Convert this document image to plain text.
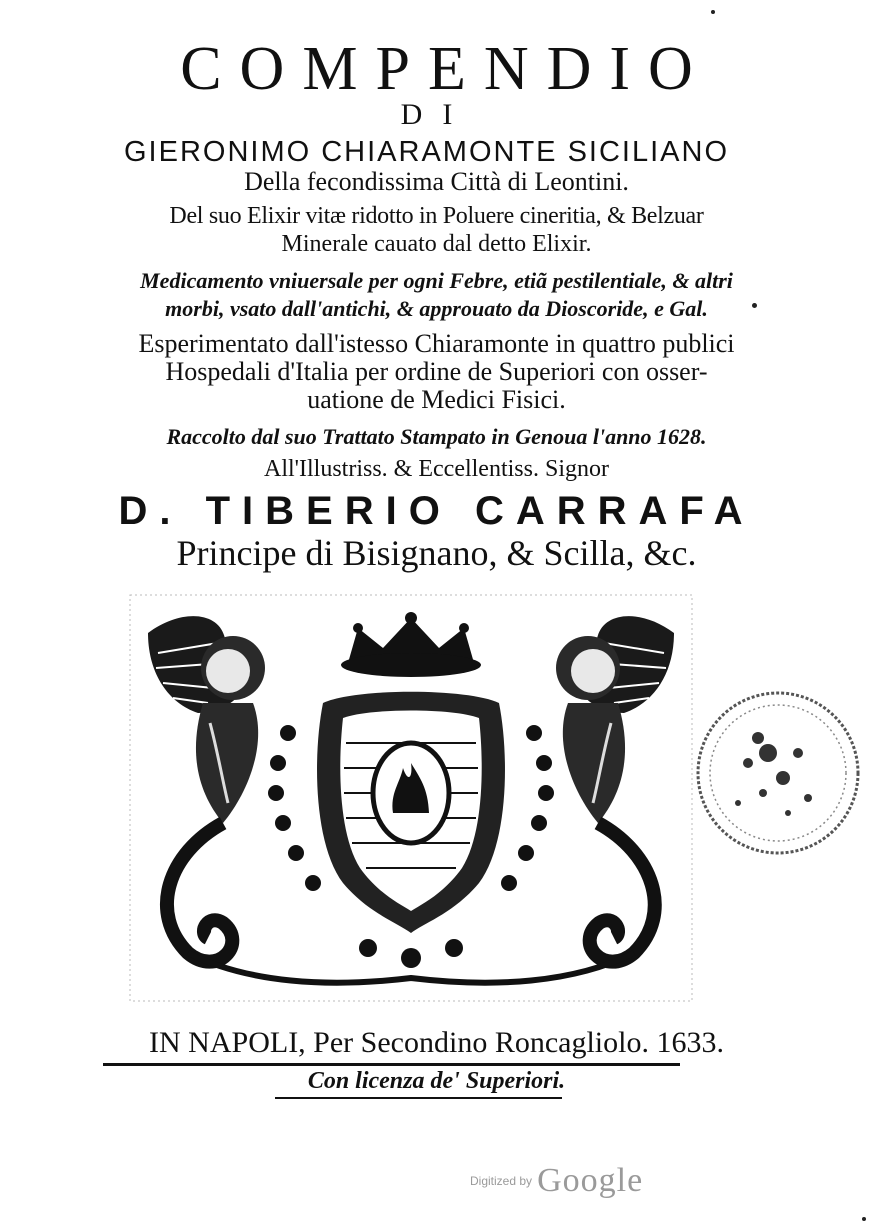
COMPENDIO
DI
GIERONIMO CHIARAMONTE SICILIANO
Della fecondissima Città di Leontini.
Del suo Elixir vitæ ridotto in Poluere cineritia, & Belzuar
Minerale cauato dal detto Elixir.
Medicamento vniuersale per ogni Febre, etiã pestilentiale, & altri
morbi, vsato dall'antichi, & approuato da Dioscoride, e Gal.
Esperimentato dall'istesso Chiaramonte in quattro publici
Hospedali d'Italia per ordine de Superiori con osser-
uatione de Medici Fisici.
Raccolto dal suo Trattato Stampato in Genoua l'anno 1628.
All'Illustriss. & Eccellentiss. Signor
D. TIBERIO CARRAFA
Principe di Bisignano, & Scilla, &c.
IN NAPOLI, Per Secondino Roncagliolo. 1633.
Con licenza de' Superiori.
Digitized by Google
